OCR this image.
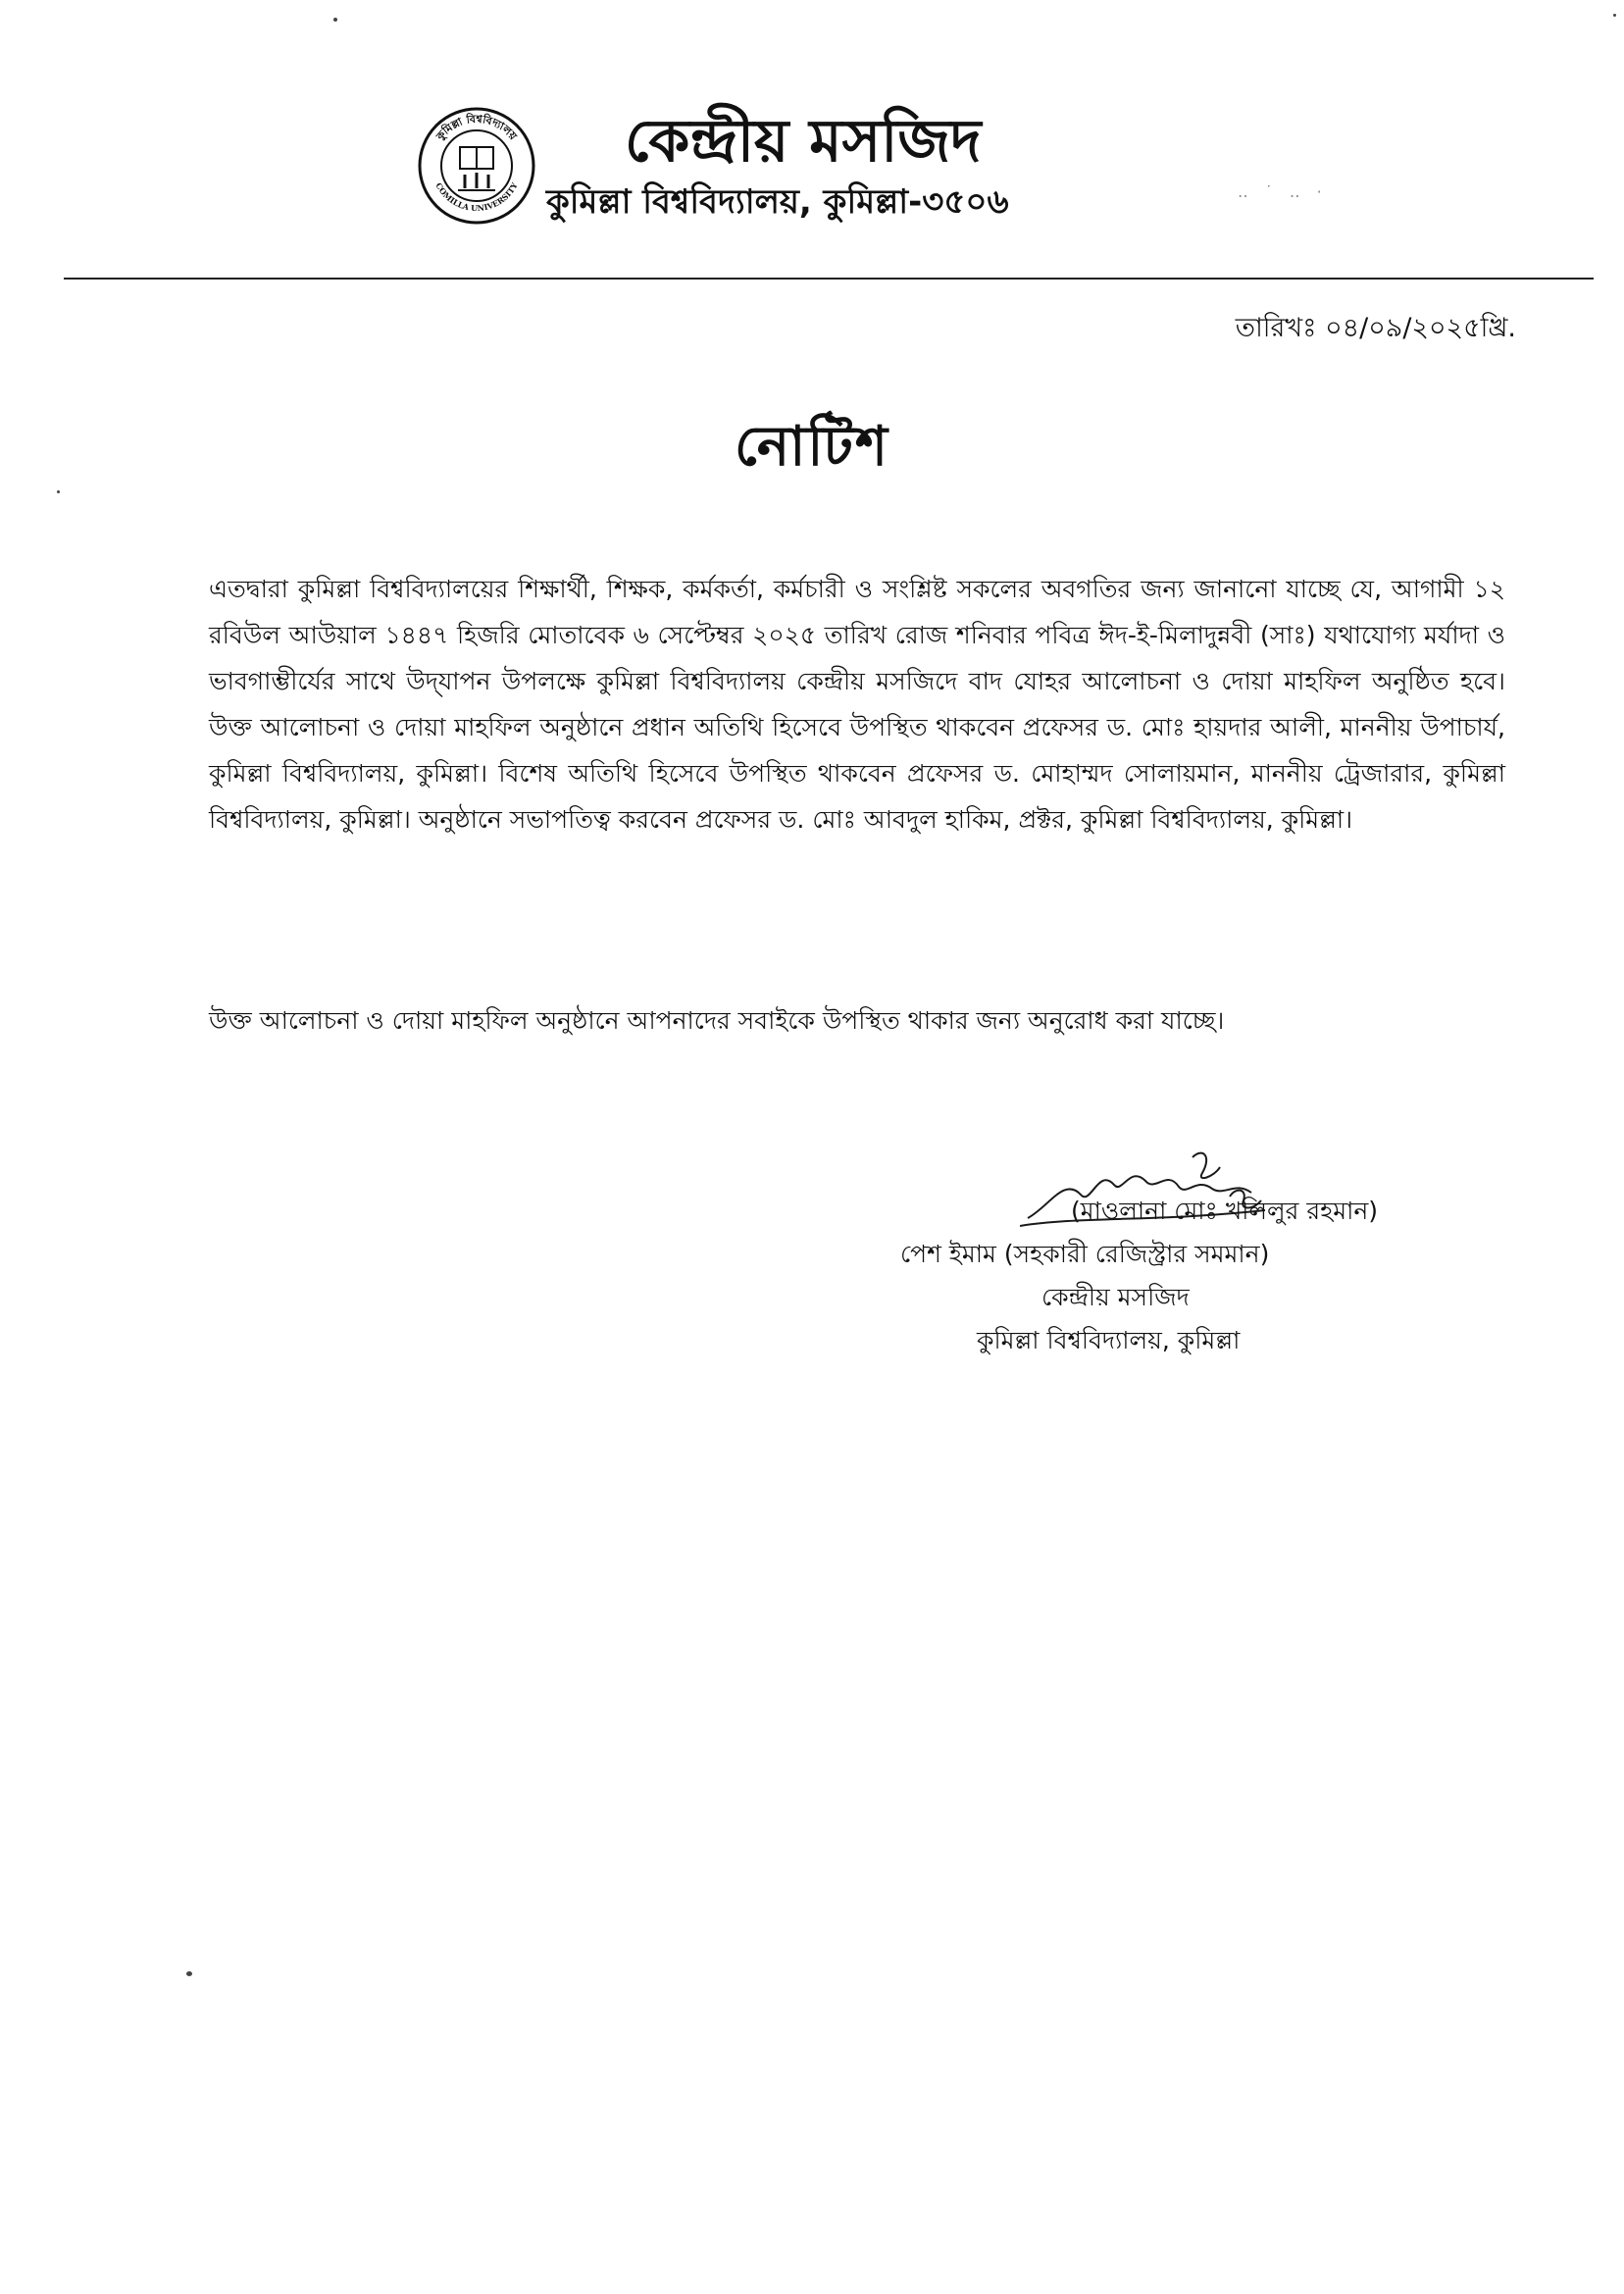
‥ ˙ ‥ ·
কুমিল্লা বিশ্ববিদ্যালয়
COMILLA UNIVERSITY
কেন্দ্রীয় মসজিদ
কুমিল্লা বিশ্ববিদ্যালয়, কুমিল্লা-৩৫০৬
তারিখঃ ০৪/০৯/২০২৫খ্রি.
নোটিশ

এতদ্বারা কুমিল্লা বিশ্ববিদ্যালয়ের শিক্ষার্থী, শিক্ষক, কর্মকর্তা, কর্মচারী ও সংশ্লিষ্ট সকলের অবগতির জন্য জানানো যাচ্ছে যে, আগামী ১২ রবিউল আউয়াল ১৪৪৭ হিজরি মোতাবেক ৬ সেপ্টেম্বর ২০২৫ তারিখ রোজ শনিবার পবিত্র ঈদ-ই-মিলাদুন্নবী (সাঃ) যথাযোগ্য মর্যাদা ও ভাবগাম্ভীর্যের সাথে উদ্‌যাপন উপলক্ষে কুমিল্লা বিশ্ববিদ্যালয় কেন্দ্রীয় মসজিদে বাদ যোহর আলোচনা ও দোয়া মাহফিল অনুষ্ঠিত হবে। উক্ত আলোচনা ও দোয়া মাহফিল অনুষ্ঠানে প্রধান অতিথি হিসেবে উপস্থিত থাকবেন প্রফেসর ড. মোঃ হায়দার আলী, মাননীয় উপাচার্য, কুমিল্লা বিশ্ববিদ্যালয়, কুমিল্লা। বিশেষ অতিথি হিসেবে উপস্থিত থাকবেন প্রফেসর ড. মোহাম্মদ সোলায়মান, মাননীয় ট্রেজারার, কুমিল্লা বিশ্ববিদ্যালয়, কুমিল্লা। অনুষ্ঠানে সভাপতিত্ব করবেন প্রফেসর ড. মোঃ আবদুল হাকিম, প্রক্টর, কুমিল্লা বিশ্ববিদ্যালয়, কুমিল্লা।

উক্ত আলোচনা ও দোয়া মাহফিল অনুষ্ঠানে আপনাদের সবাইকে উপস্থিত থাকার জন্য অনুরোধ করা যাচ্ছে।

(মাওলানা মোঃ খলিলুর রহমান)
পেশ ইমাম (সহকারী রেজিস্ট্রার সমমান)
কেন্দ্রীয় মসজিদ
কুমিল্লা বিশ্ববিদ্যালয়, কুমিল্লা
